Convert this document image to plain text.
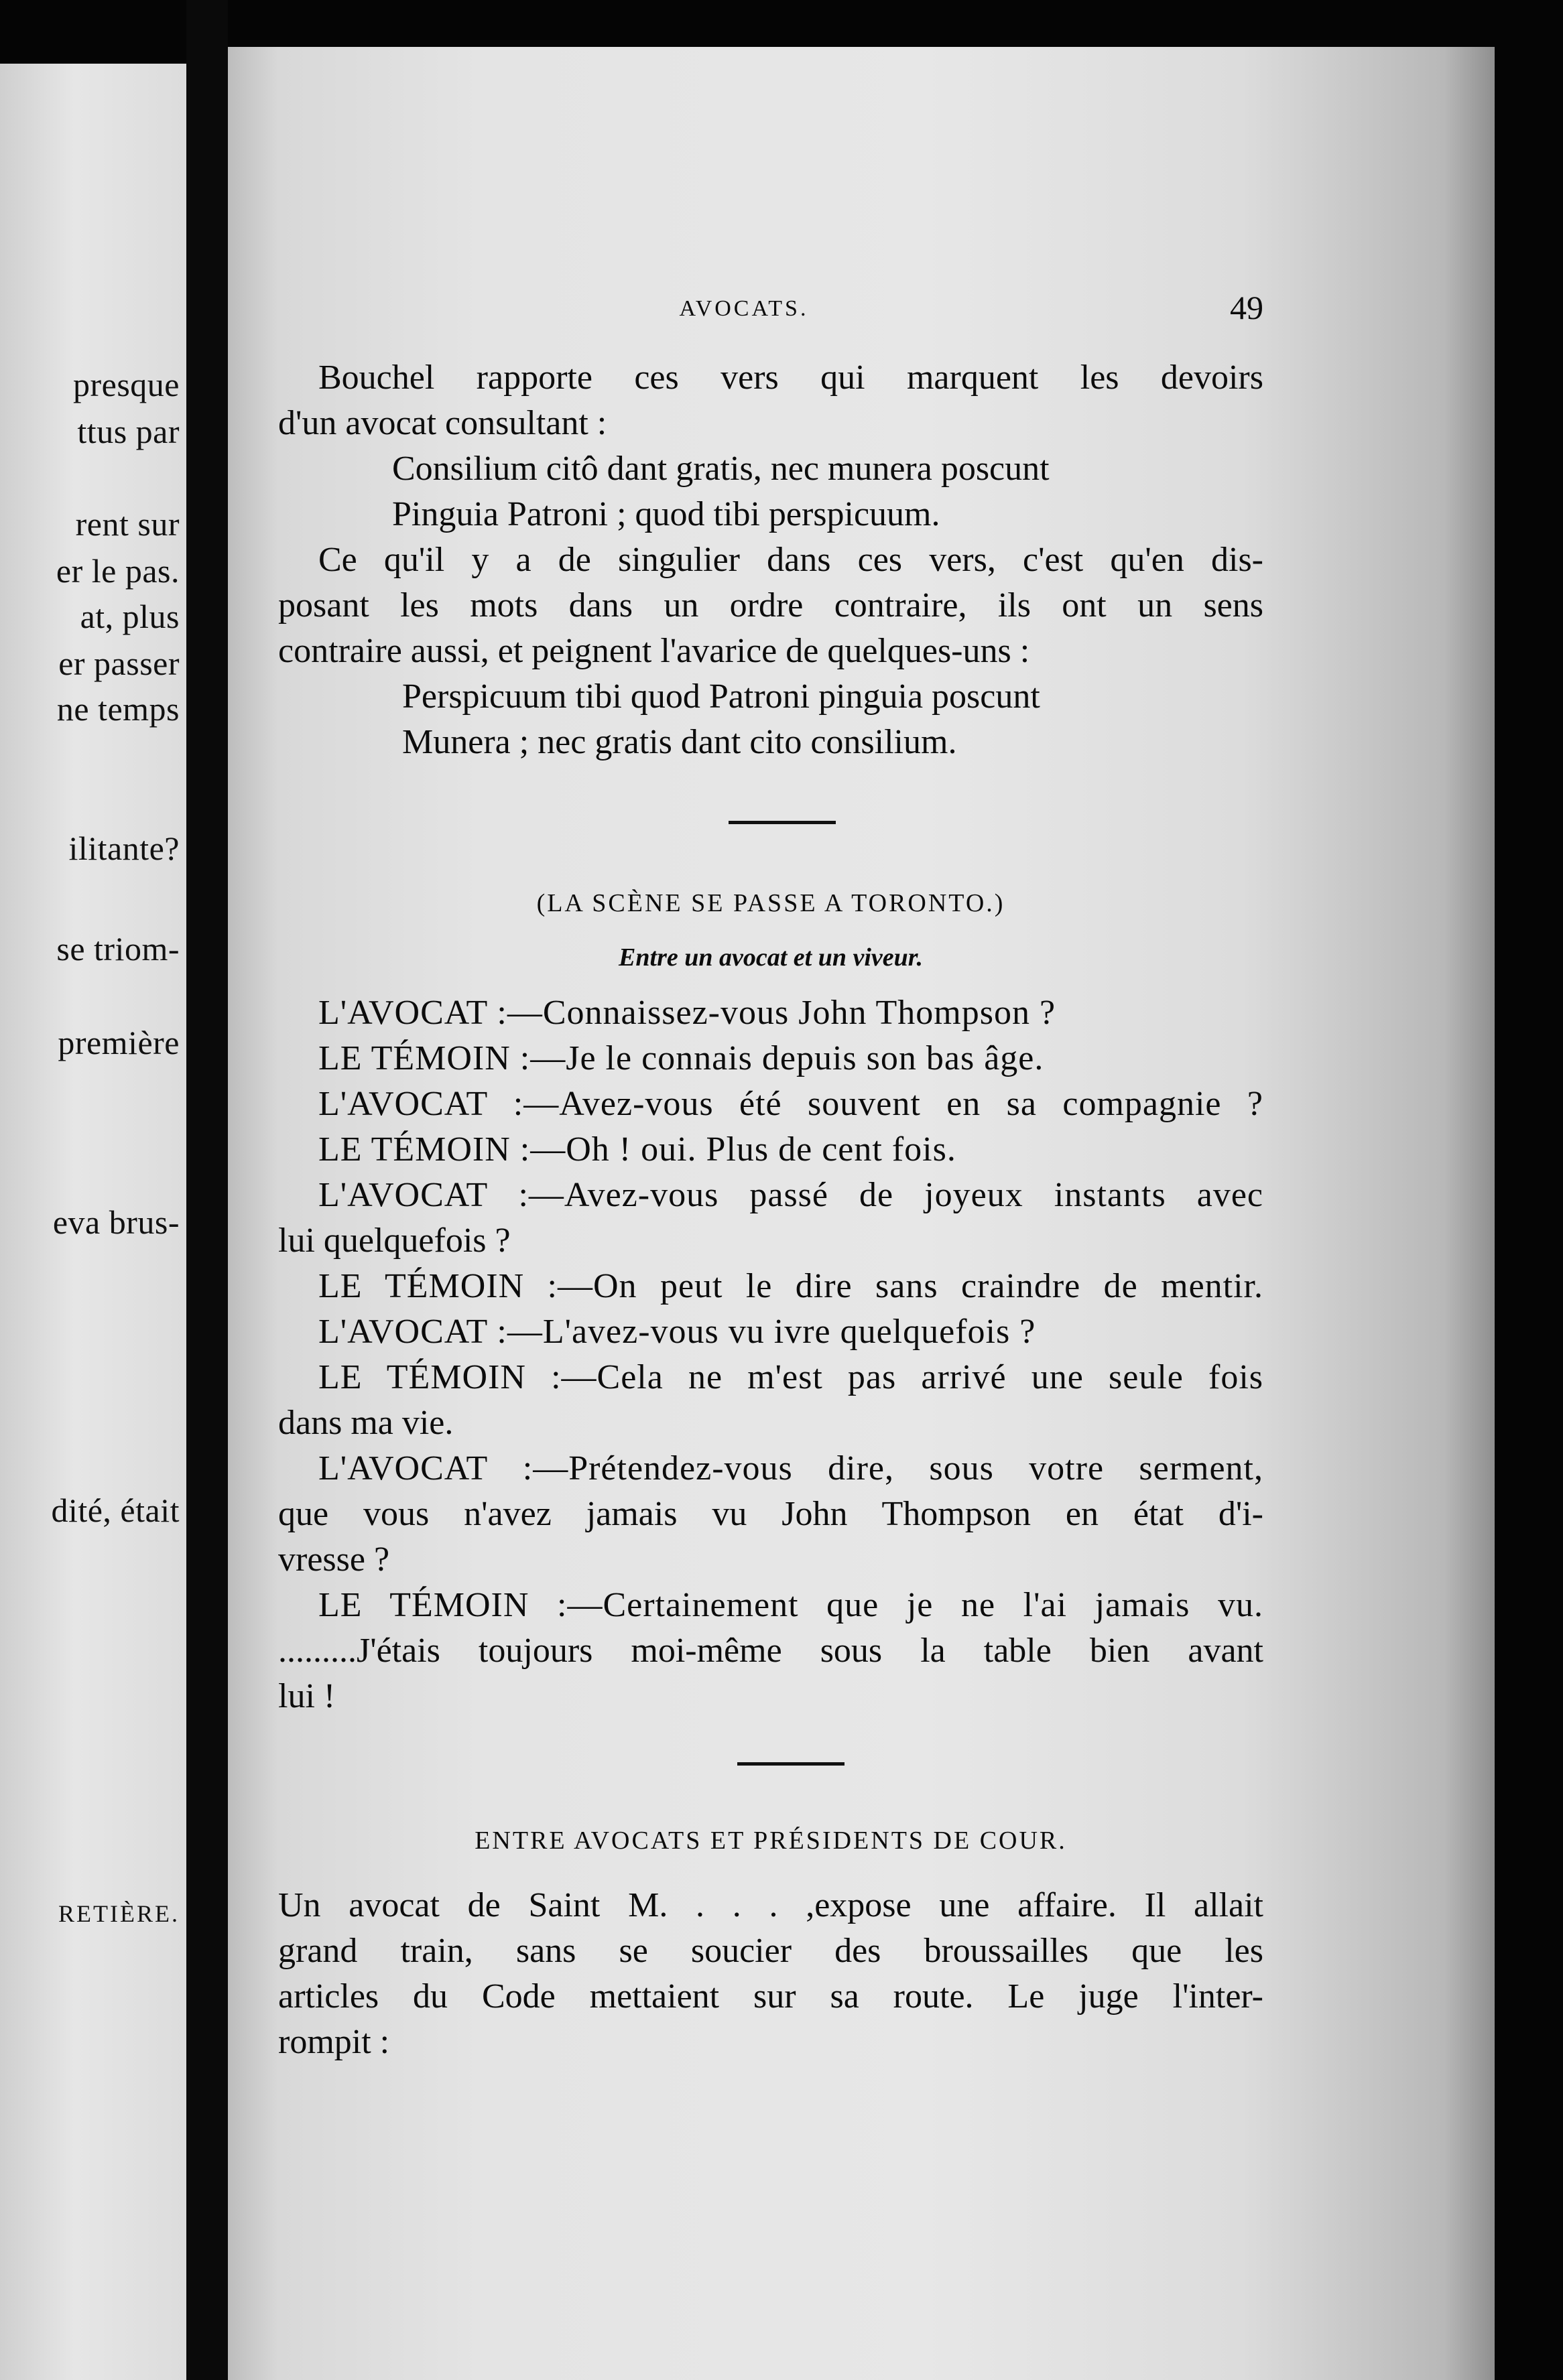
presque
ttus par
rent sur
er le pas.
at, plus
er passer
ne temps
ilitante?
se triom-
première
eva brus-
dité, était
RETIÈRE.
AVOCATS.	49
Bouchel rapporte ces vers qui marquent les devoirs
d'un avocat consultant :
Consilium citô dant gratis, nec munera poscunt
Pinguia Patroni ; quod tibi perspicuum.
Ce qu'il y a de singulier dans ces vers, c'est qu'en dis-
posant les mots dans un ordre contraire, ils ont un sens
contraire aussi, et peignent l'avarice de quelques-uns :
Perspicuum tibi quod Patroni pinguia poscunt
Munera ; nec gratis dant cito consilium.
(LA SCÈNE SE PASSE A TORONTO.)
Entre un avocat et un viveur.
L'AVOCAT :—Connaissez-vous John Thompson ?
LE TÉMOIN :—Je le connais depuis son bas âge.
L'AVOCAT :—Avez-vous été souvent en sa compagnie ?
LE TÉMOIN :—Oh ! oui. Plus de cent fois.
L'AVOCAT :—Avez-vous passé de joyeux instants avec
lui quelquefois ?
LE TÉMOIN :—On peut le dire sans craindre de mentir.
L'AVOCAT :—L'avez-vous vu ivre quelquefois ?
LE TÉMOIN :—Cela ne m'est pas arrivé une seule fois
dans ma vie.
L'AVOCAT :—Prétendez-vous dire, sous votre serment,
que vous n'avez jamais vu John Thompson en état d'i-
vresse ?
LE TÉMOIN :—Certainement que je ne l'ai jamais vu.
.........J'étais toujours moi-même sous la table bien avant
lui !
ENTRE AVOCATS ET PRÉSIDENTS DE COUR.
Un avocat de Saint M. . . . ,expose une affaire. Il allait
grand train, sans se soucier des broussailles que les
articles du Code mettaient sur sa route. Le juge l'inter-
rompit :
